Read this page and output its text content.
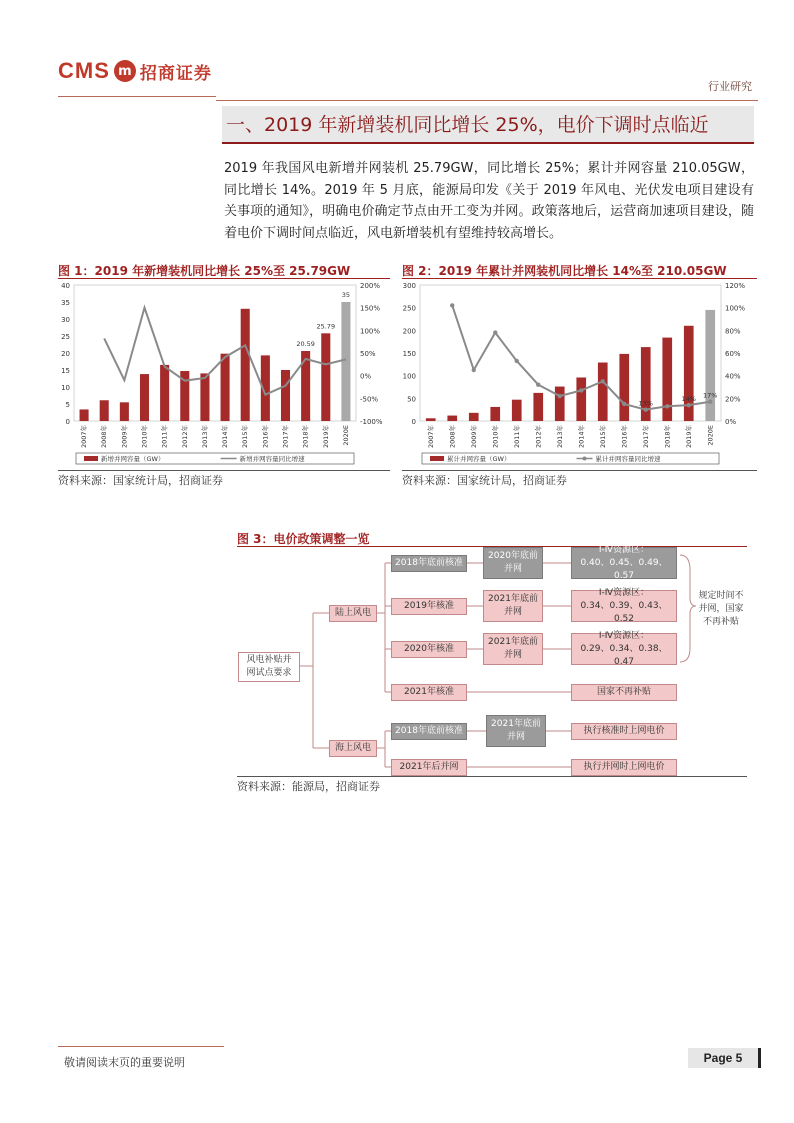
CMS m 招商证券
行业研究
一、2019 年新增装机同比增长 25%，电价下调时点临近
2019 年我国风电新增并网装机 25.79GW，同比增长 25%；累计并网容量 210.05GW，同比增长 14%。2019 年 5 月底，能源局印发《关于 2019 年风电、光伏发电项目建设有关事项的通知》，明确电价确定节点由开工变为并网。政策落地后，运营商加速项目建设，随着电价下调时间点临近，风电新增装机有望维持较高增长。
图 1：2019 年新增装机同比增长 25%至 25.79GW
0
5
10
15
20
25
30
35
40
-100%
-50%
0%
50%
100%
150%
200%
2007年 2008年 2009年 2010年 2011年 2012年 2013年 2014年 2015年 2016年 2017年 2018年 2019年 2020E
20.59
25.79
35
新增并网容量（GW）	新增并网容量同比增速
资料来源：国家统计局，招商证券
图 2：2019 年累计并网装机同比增长 14%至 210.05GW
0
50
100
150
200
250
300
0%
20%
40%
60%
80%
100%
120%
2007年 2008年 2009年 2010年 2011年 2012年 2013年 2014年 2015年 2016年 2017年 2018年 2019年 2020E
13%
14% 17%
累计并网容量（GW）	累计并网容量同比增速
资料来源：国家统计局，招商证券
图 3：电价政策调整一览
风电补贴并
网试点要求
陆上风电
海上风电
2018年底前核准
2020年底前
并网
Ⅰ-Ⅳ资源区：
0.40、0.45、0.49、0.57
2019年核准
2021年底前
并网
Ⅰ-Ⅳ资源区：
0.34、0.39、0.43、0.52
2020年核准
2021年底前
并网
Ⅰ-Ⅳ资源区：
0.29、0.34、0.38、0.47
2021年核准	国家不再补贴
规定时间不
并网，国家
不再补贴
2018年底前核准
2021年底前
并网
执行核准时上网电价
2021年后并网	执行并网时上网电价
资料来源：能源局，招商证券
敬请阅读末页的重要说明	Page 5
